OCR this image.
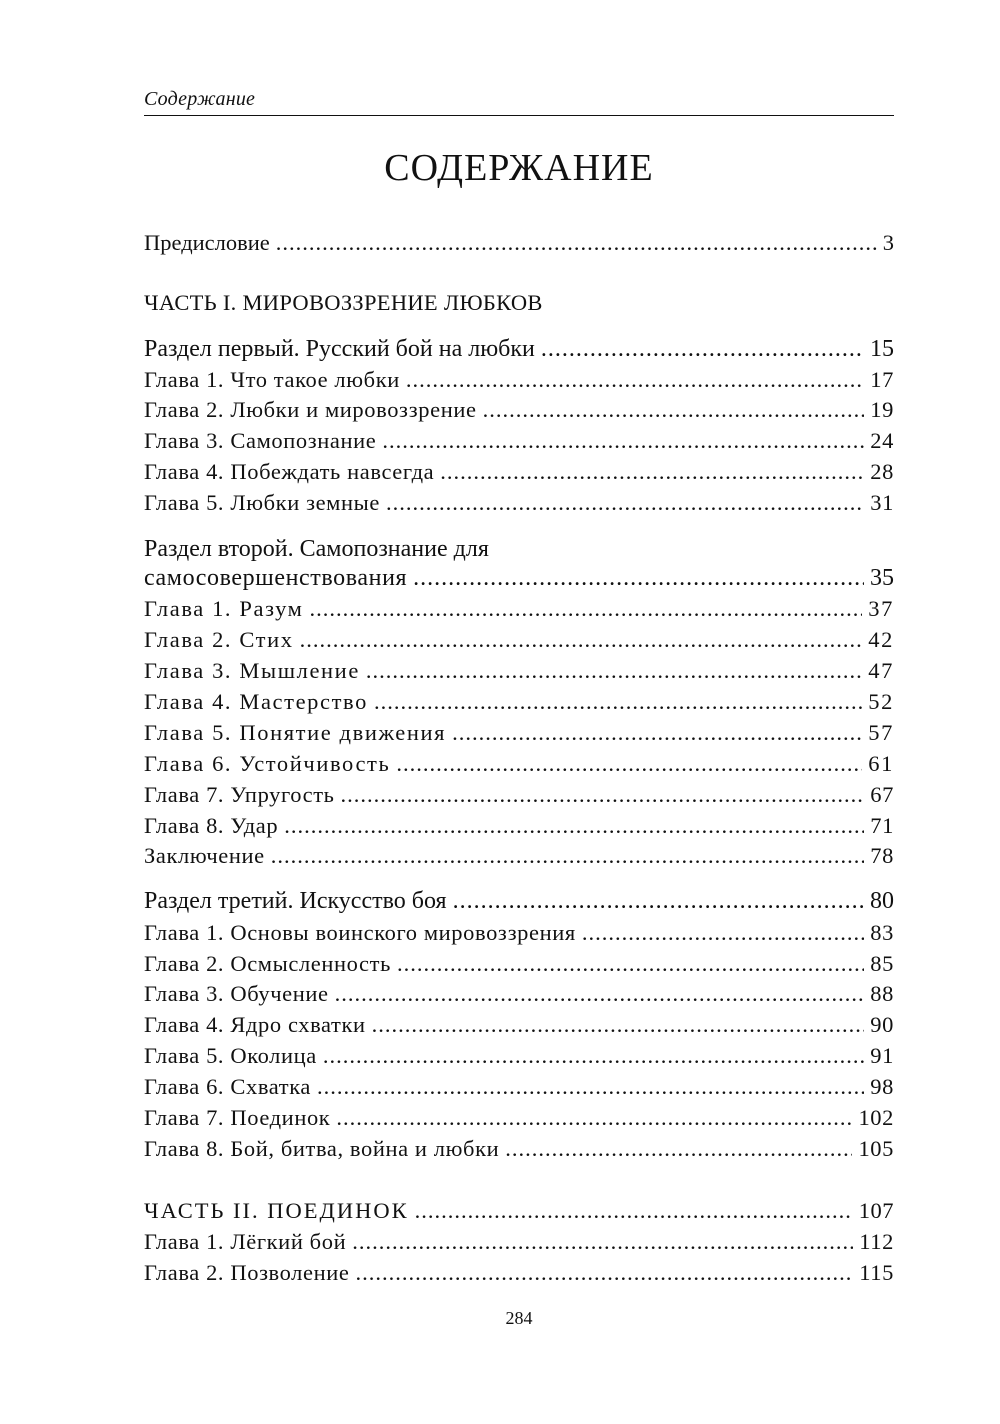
Содержание
СОДЕРЖАНИЕ
Предисловие .....	3
ЧАСТЬ I. МИРОВОЗЗРЕНИЕ ЛЮБКОВ
Раздел первый. Русский бой на любки .....	15
Глава 1. Что такое любки .....	17
Глава 2. Любки и мировоззрение .....	19
Глава 3. Самопознание .....	24
Глава 4. Побеждать навсегда .....	28
Глава 5. Любки земные .....	31
Раздел второй. Самопознание для
самосовершенствования .....	35
Глава 1. Разум .....	37
Глава 2. Стих .....	42
Глава 3. Мышление .....	47
Глава 4. Мастерство .....	52
Глава 5. Понятие движения .....	57
Глава 6. Устойчивость .....	61
Глава 7. Упругость .....	67
Глава 8. Удар .....	71
Заключение .....	78
Раздел третий. Искусство боя .....	80
Глава 1. Основы воинского мировоззрения .....	83
Глава 2. Осмысленность .....	85
Глава 3. Обучение .....	88
Глава 4. Ядро схватки .....	90
Глава 5. Околица .....	91
Глава 6. Схватка .....	98
Глава 7. Поединок .....	102
Глава 8. Бой, битва, война и любки .....	105
ЧАСТЬ II. ПОЕДИНОК .....	107
Глава 1. Лёгкий бой .....	112
Глава 2. Позволение .....	115
284
